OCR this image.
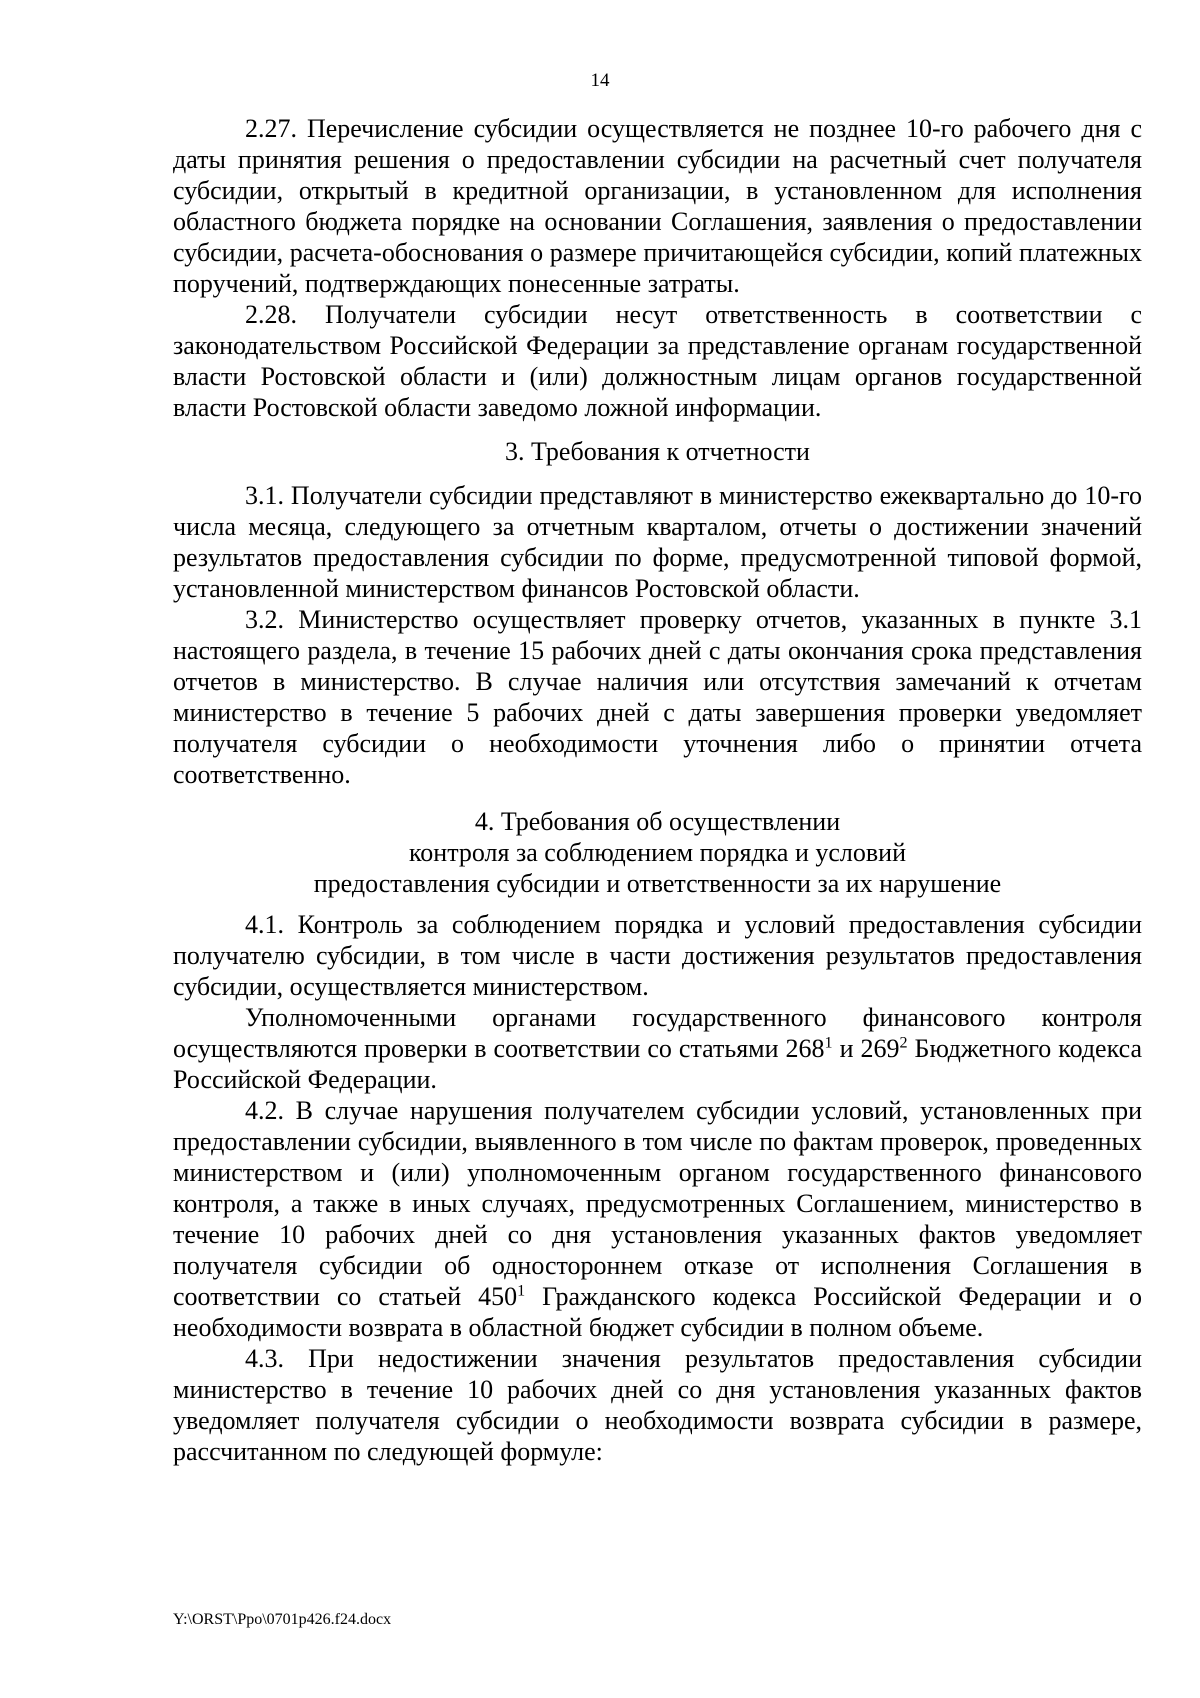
14

2.27. Перечисление субсидии осуществляется не позднее 10-го рабочего дня с даты принятия решения о предоставлении субсидии на расчетный счет получателя субсидии, открытый в кредитной организации, в установленном для исполнения областного бюджета порядке на основании Соглашения, заявления о предоставлении субсидии, расчета-обоснования о размере причитающейся субсидии, копий платежных поручений, подтверждающих понесенные затраты.

2.28. Получатели субсидии несут ответственность в соответствии с законодательством Российской Федерации за представление органам государственной власти Ростовской области и (или) должностным лицам органов государственной власти Ростовской области заведомо ложной информации.

3. Требования к отчетности

3.1. Получатели субсидии представляют в министерство ежеквартально до 10-го числа месяца, следующего за отчетным кварталом, отчеты о достижении значений результатов предоставления субсидии по форме, предусмотренной типовой формой, установленной министерством финансов Ростовской области.

3.2. Министерство осуществляет проверку отчетов, указанных в пункте 3.1 настоящего раздела, в течение 15 рабочих дней с даты окончания срока представления отчетов в министерство. В случае наличия или отсутствия замечаний к отчетам министерство в течение 5 рабочих дней с даты завершения проверки уведомляет получателя субсидии о необходимости уточнения либо о принятии отчета соответственно.

4. Требования об осуществлении

контроля за соблюдением порядка и условий

предоставления субсидии и ответственности за их нарушение

4.1. Контроль за соблюдением порядка и условий предоставления субсидии получателю субсидии, в том числе в части достижения результатов предоставления субсидии, осуществляется министерством.

Уполномоченными органами государственного финансового контроля осуществляются проверки в соответствии со статьями $268^1$ и $269^2$ Бюджетного кодекса Российской Федерации.

4.2. В случае нарушения получателем субсидии условий, установленных при предоставлении субсидии, выявленного в том числе по фактам проверок, проведенных министерством и (или) уполномоченным органом государственного финансового контроля, а также в иных случаях, предусмотренных Соглашением, министерство в течение 10 рабочих дней со дня установления указанных фактов уведомляет получателя субсидии об одностороннем отказе от исполнения Соглашения в соответствии со статьей $450^1$ Гражданского кодекса Российской Федерации и о необходимости возврата в областной бюджет субсидии в полном объеме.

4.3. При недостижении значения результатов предоставления субсидии министерство в течение 10 рабочих дней со дня установления указанных фактов уведомляет получателя субсидии о необходимости возврата субсидии в размере, рассчитанном по следующей формуле:

Y:\ORST\Ppo\0701p426.f24.docx
